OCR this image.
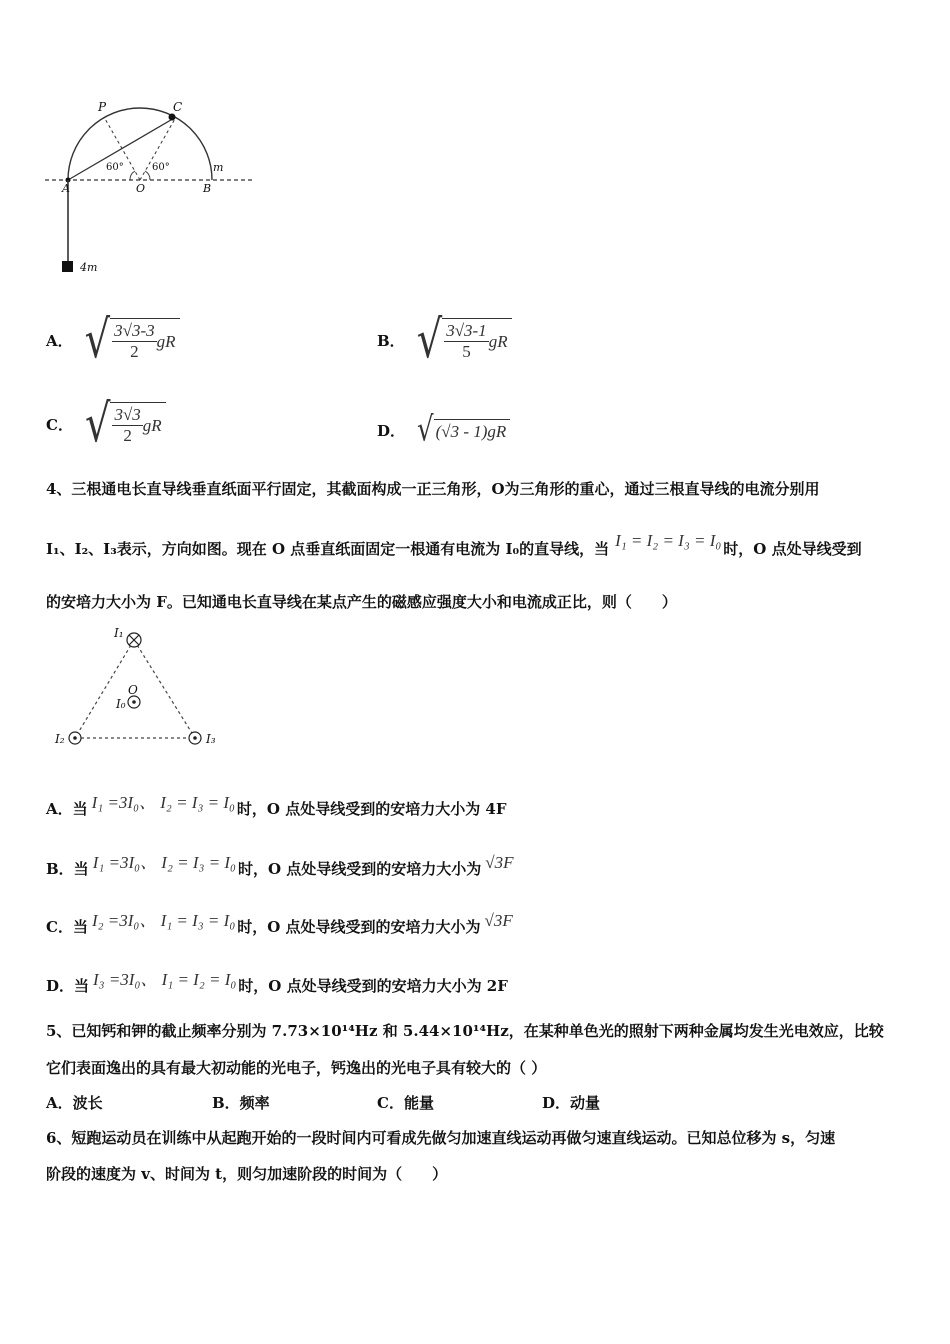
P	C
A	O	B
m
60°	60°
4m
A． √ $\frac{3√3-3}{2}$ gR	B． √ $\frac{3√3-1}{5}$ gR
C． √ $\frac{3√3}{2}$ gR	D． √ (√3 - 1)gR
4、三根通电长直导线垂直纸面平行固定，其截面构成一正三角形，O为三角形的重心，通过三根直导线的电流分别用
I₁、I₂、I₃表示，方向如图。现在 O 点垂直纸面固定一根通有电流为 I₀的直导线，当 I₁ = I₂ = I₃ = I₀ 时，O 点处导线受到
的安培力大小为 F。已知通电长直导线在某点产生的磁感应强度大小和电流成正比，则（　　）
I₁
O
I₀
I₂	I₃
A．当 I₁ =3I₀、 I₂ = I₃ = I₀ 时，O 点处导线受到的安培力大小为 4F
B．当 I₁ =3I₀、 I₂ = I₃ = I₀ 时，O 点处导线受到的安培力大小为 √3F
C．当 I₂ =3I₀、 I₁ = I₃ = I₀ 时，O 点处导线受到的安培力大小为 √3F
D．当 I₃ =3I₀、 I₁ = I₂ = I₀ 时，O 点处导线受到的安培力大小为 2F
5、已知钙和钾的截止频率分别为 7.73×10¹⁴Hz 和 5.44×10¹⁴Hz，在某种单色光的照射下两种金属均发生光电效应，比较
它们表面逸出的具有最大初动能的光电子，钙逸出的光电子具有较大的（ ）
A．波长	B．频率	C．能量	D．动量
6、短跑运动员在训练中从起跑开始的一段时间内可看成先做匀加速直线运动再做匀速直线运动。已知总位移为 s，匀速
阶段的速度为 v、时间为 t，则匀加速阶段的时间为（　　）
